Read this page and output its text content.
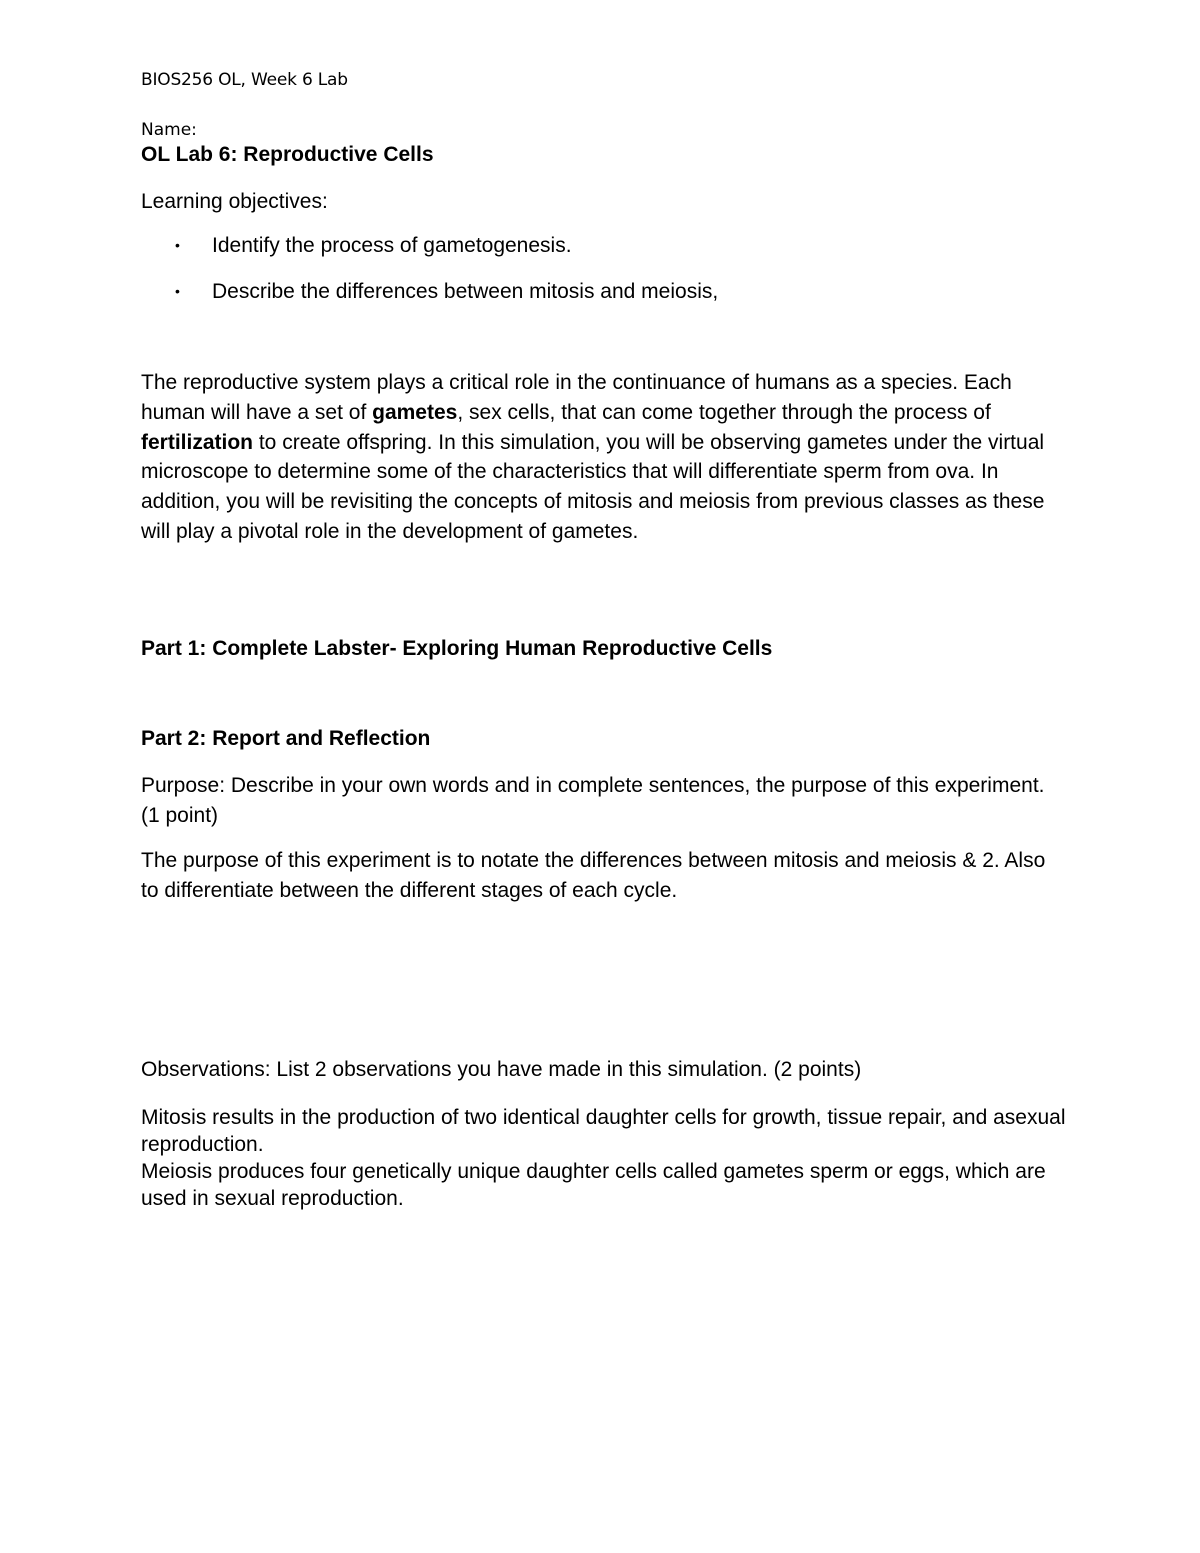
BIOS256 OL, Week 6 Lab
Name:
OL Lab 6: Reproductive Cells
Learning objectives:
•	Identify the process of gametogenesis.
•	Describe the differences between mitosis and meiosis,

The reproductive system plays a critical role in the continuance of humans as a species. Each human will have a set of gametes, sex cells, that can come together through the process of fertilization to create offspring. In this simulation, you will be observing gametes under the virtual microscope to determine some of the characteristics that will differentiate sperm from ova. In addition, you will be revisiting the concepts of mitosis and meiosis from previous classes as these will play a pivotal role in the development of gametes.

Part 1: Complete Labster- Exploring Human Reproductive Cells
Part 2: Report and Reflection

Purpose: Describe in your own words and in complete sentences, the purpose of this experiment. (1 point)

The purpose of this experiment is to notate the differences between mitosis and meiosis & 2. Also to differentiate between the different stages of each cycle.

Observations: List 2 observations you have made in this simulation. (2 points)

Mitosis results in the production of two identical daughter cells for growth, tissue repair, and asexual reproduction.

Meiosis produces four genetically unique daughter cells called gametes sperm or eggs, which are used in sexual reproduction.
